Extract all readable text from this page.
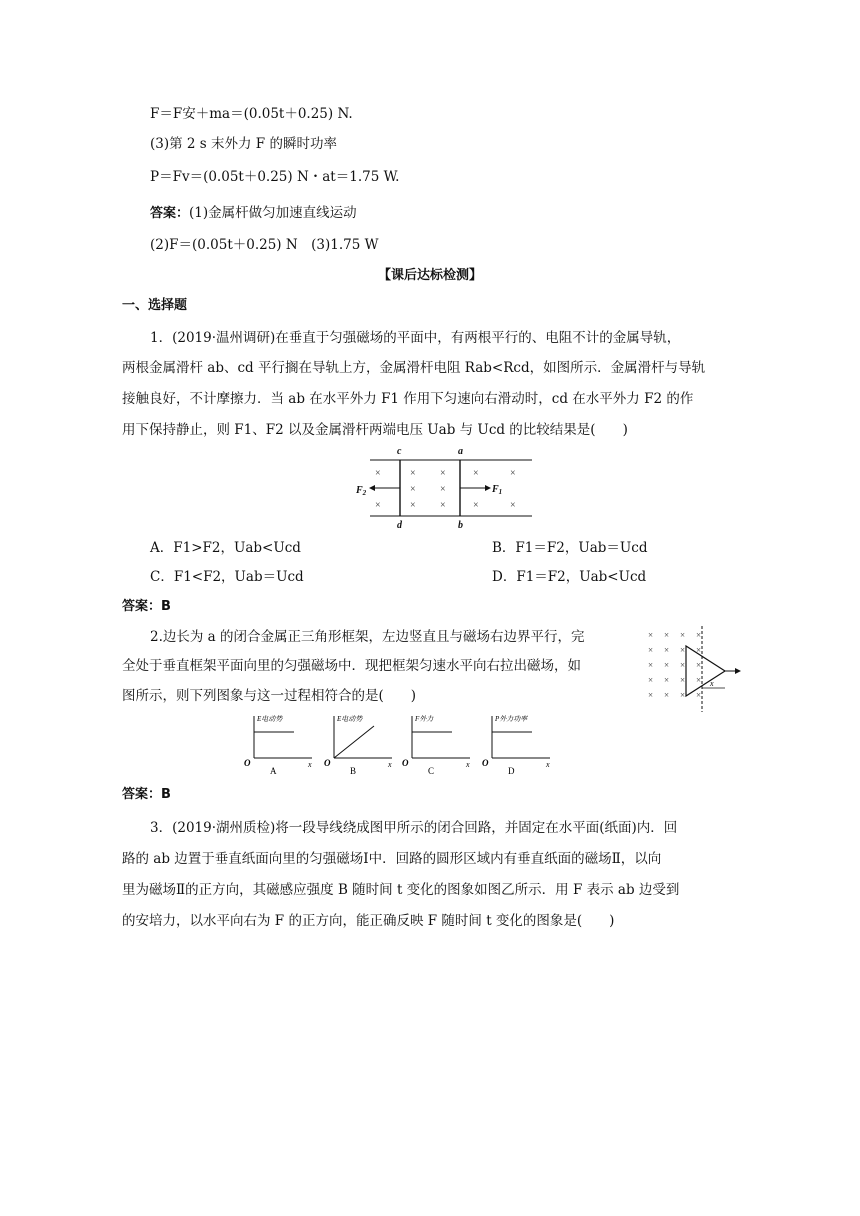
F＝F安＋ma＝(0.05t＋0.25) N.
(3)第 2 s 末外力 F 的瞬时功率
P＝Fv＝(0.05t＋0.25) N・at＝1.75 W.
答案：(1)金属杆做匀加速直线运动
(2)F＝(0.05t＋0.25) N　(3)1.75 W
【课后达标检测】
一、选择题
1．(2019·温州调研)在垂直于匀强磁场的平面中，有两根平行的、电阻不计的金属导轨，
两根金属滑杆 ab、cd 平行搁在导轨上方，金属滑杆电阻 Rab<Rcd，如图所示．金属滑杆与导轨
接触良好，不计摩擦力．当 ab 在水平外力 F1 作用下匀速向右滑动时，cd 在水平外力 F2 的作
用下保持静止，则 F1、F2 以及金属滑杆两端电压 Uab 与 Ucd 的比较结果是(　　)
×	× ×	×	×
×
×
×	× ×	×	×
c	a
d	b
$F_2$	$F_1$
A．F1>F2，Uab<Ucd	B．F1＝F2，Uab＝Ucd
C．F1<F2，Uab＝Ucd	D．F1＝F2，Uab<Ucd
答案：B
2.边长为 a 的闭合金属正三角形框架，左边竖直且与磁场右边界平行，完
全处于垂直框架平面向里的匀强磁场中．现把框架匀速水平向右拉出磁场，如
图所示，则下列图象与这一过程相符合的是(　　)
× × × ×
× × × ×
× × × ×
× × × ×
× × × ×
x
E电动势
x
O
A
E电动势
x
O
B
F外力
x
O
C
P外力功率
x
O
D
答案：B
3．(2019·湖州质检)将一段导线绕成图甲所示的闭合回路，并固定在水平面(纸面)内．回
路的 ab 边置于垂直纸面向里的匀强磁场Ⅰ中．回路的圆形区域内有垂直纸面的磁场Ⅱ，以向
里为磁场Ⅱ的正方向，其磁感应强度 B 随时间 t 变化的图象如图乙所示．用 F 表示 ab 边受到
的安培力，以水平向右为 F 的正方向，能正确反映 F 随时间 t 变化的图象是(　　)
